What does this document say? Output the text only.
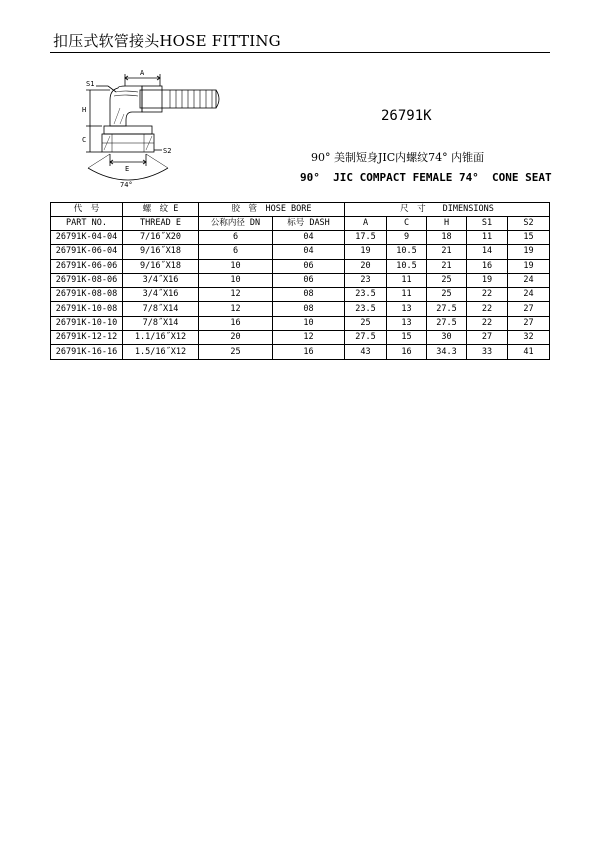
扣压式软管接头HOSE FITTING
A
S1
H
C
S2
E
74°
26791K
90° 美制短身JIC内螺纹74° 内锥面
90°  JIC COMPACT FEMALE 74°  CONE SEAT
代　号	螺　纹 E	胶　管　HOSE BORE		尺　寸　　DIMENSIONS				
PART NO.	THREAD E	公称内径 DN	标号 DASH	A	C	H	S1	S2
26791K-04-04	7/16˝X20	6	04	17.5	9	18	11	15
26791K-06-04	9/16˝X18	6	04	19	10.5	21	14	19
26791K-06-06	9/16˝X18	10	06	20	10.5	21	16	19
26791K-08-06	3/4˝X16	10	06	23	11	25	19	24
26791K-08-08	3/4˝X16	12	08	23.5	11	25	22	24
26791K-10-08	7/8˝X14	12	08	23.5	13	27.5	22	27
26791K-10-10	7/8˝X14	16	10	25	13	27.5	22	27
26791K-12-12	1.1/16˝X12	20	12	27.5	15	30	27	32
26791K-16-16	1.5/16˝X12	25	16	43	16	34.3	33	41
